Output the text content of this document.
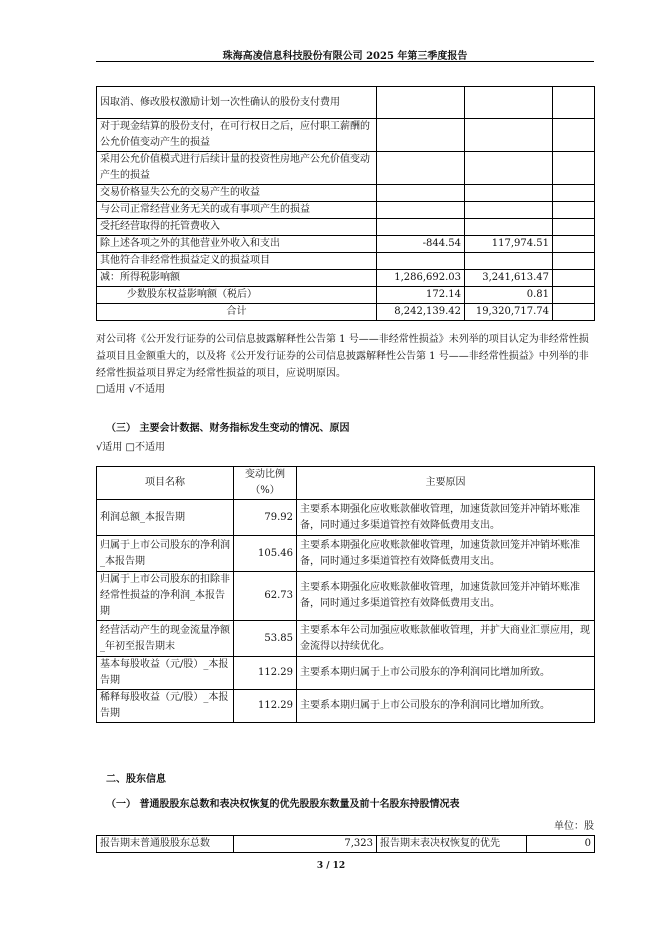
珠海高凌信息科技股份有限公司 2025 年第三季度报告
因取消、修改股权激励计划一次性确认的股份支付费用			
对于现金结算的股份支付，在可行权日之后，应付职工薪酬的公允价值变动产生的损益			
采用公允价值模式进行后续计量的投资性房地产公允价值变动产生的损益			
交易价格显失公允的交易产生的收益			
与公司正常经营业务无关的或有事项产生的损益			
受托经营取得的托管费收入			
除上述各项之外的其他营业外收入和支出	-844.54	117,974.51	
其他符合非经常性损益定义的损益项目			
减：所得税影响额	1,286,692.03	3,241,613.47	
少数股东权益影响额（税后）	172.14	0.81	
合计	8,242,139.42	19,320,717.74	
对公司将《公开发行证券的公司信息披露解释性公告第 1 号——非经常性损益》未列举的项目认定为非经常性损益项目且金额重大的，以及将《公开发行证券的公司信息披露解释性公告第 1 号——非经常性损益》中列举的非经常性损益项目界定为经常性损益的项目，应说明原因。
□适用 √不适用
（三） 主要会计数据、财务指标发生变动的情况、原因
√适用 □不适用
项目名称	变动比例（%）	主要原因
利润总额_本报告期	79.92	主要系本期强化应收账款催收管理，加速货款回笼并冲销坏账准备，同时通过多渠道管控有效降低费用支出。
归属于上市公司股东的净利润_本报告期	105.46	主要系本期强化应收账款催收管理，加速货款回笼并冲销坏账准备，同时通过多渠道管控有效降低费用支出。
归属于上市公司股东的扣除非经常性损益的净利润_本报告期	62.73	主要系本期强化应收账款催收管理，加速货款回笼并冲销坏账准备，同时通过多渠道管控有效降低费用支出。
经营活动产生的现金流量净额_年初至报告期末	53.85	主要系本年公司加强应收账款催收管理，并扩大商业汇票应用，现金流得以持续优化。
基本每股收益（元/股）_本报告期	112.29	主要系本期归属于上市公司股东的净利润同比增加所致。
稀释每股收益（元/股）_本报告期	112.29	主要系本期归属于上市公司股东的净利润同比增加所致。
二、股东信息
（一） 普通股股东总数和表决权恢复的优先股股东数量及前十名股东持股情况表
单位：股
报告期末普通股股东总数	7,323	报告期末表决权恢复的优先	0
3 / 12
